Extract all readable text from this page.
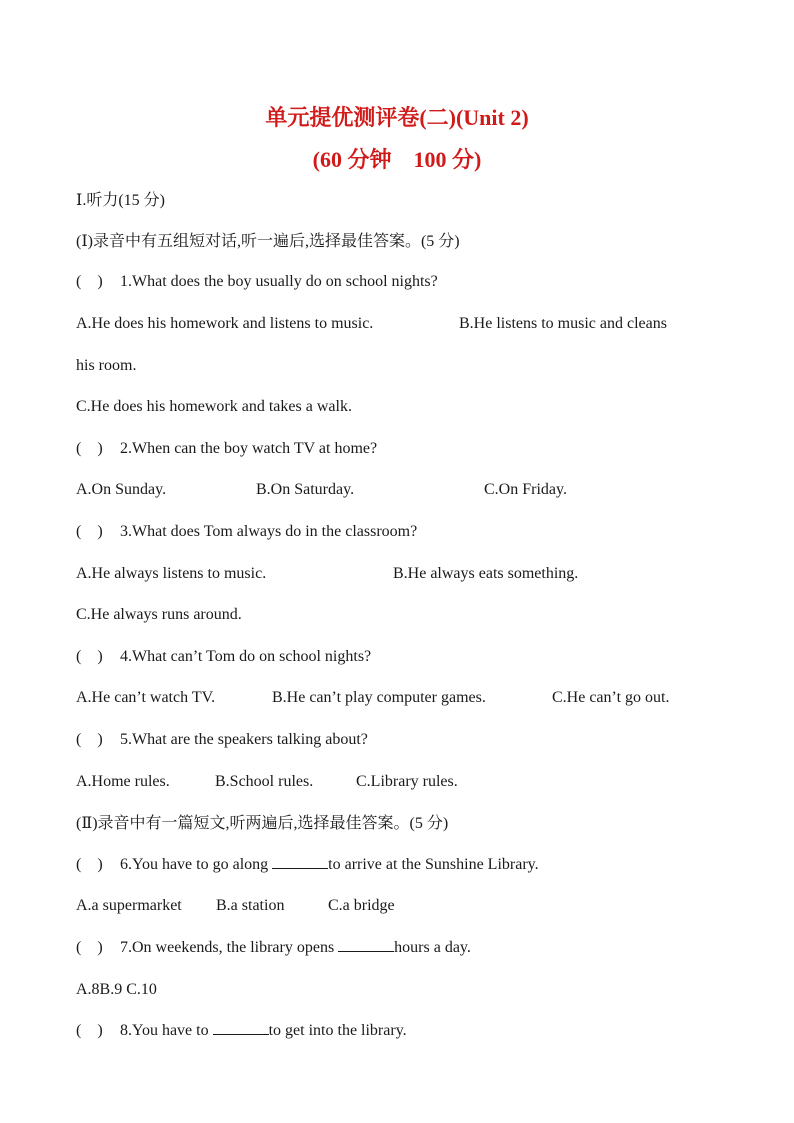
单元提优测评卷(二)(Unit 2)
(60 分钟　100 分)
Ⅰ.听力(15 分)
(Ⅰ)录音中有五组短对话,听一遍后,选择最佳答案。(5 分)
( ) 1.What does the boy usually do on school nights?
A.He does his homework and listens to music.	B.He listens to music and cleans
his room.
C.He does his homework and takes a walk.
( ) 2.When can the boy watch TV at home?
A.On Sunday.	B.On Saturday.	C.On Friday.
( ) 3.What does Tom always do in the classroom?
A.He always listens to music.	B.He always eats something.
C.He always runs around.
( ) 4.What can’t Tom do on school nights?
A.He can’t watch TV.	B.He can’t play computer games.	C.He can’t go out.
( ) 5.What are the speakers talking about?
A.Home rules.	B.School rules.	C.Library rules.
(Ⅱ)录音中有一篇短文,听两遍后,选择最佳答案。(5 分)
( ) 6.You have to go along	to arrive at the Sunshine Library.
A.a supermarket B.a station	C.a bridge
( ) 7.On weekends, the library opens	hours a day.
A.8B.9 C.10
( ) 8.You have to	to get into the library.
